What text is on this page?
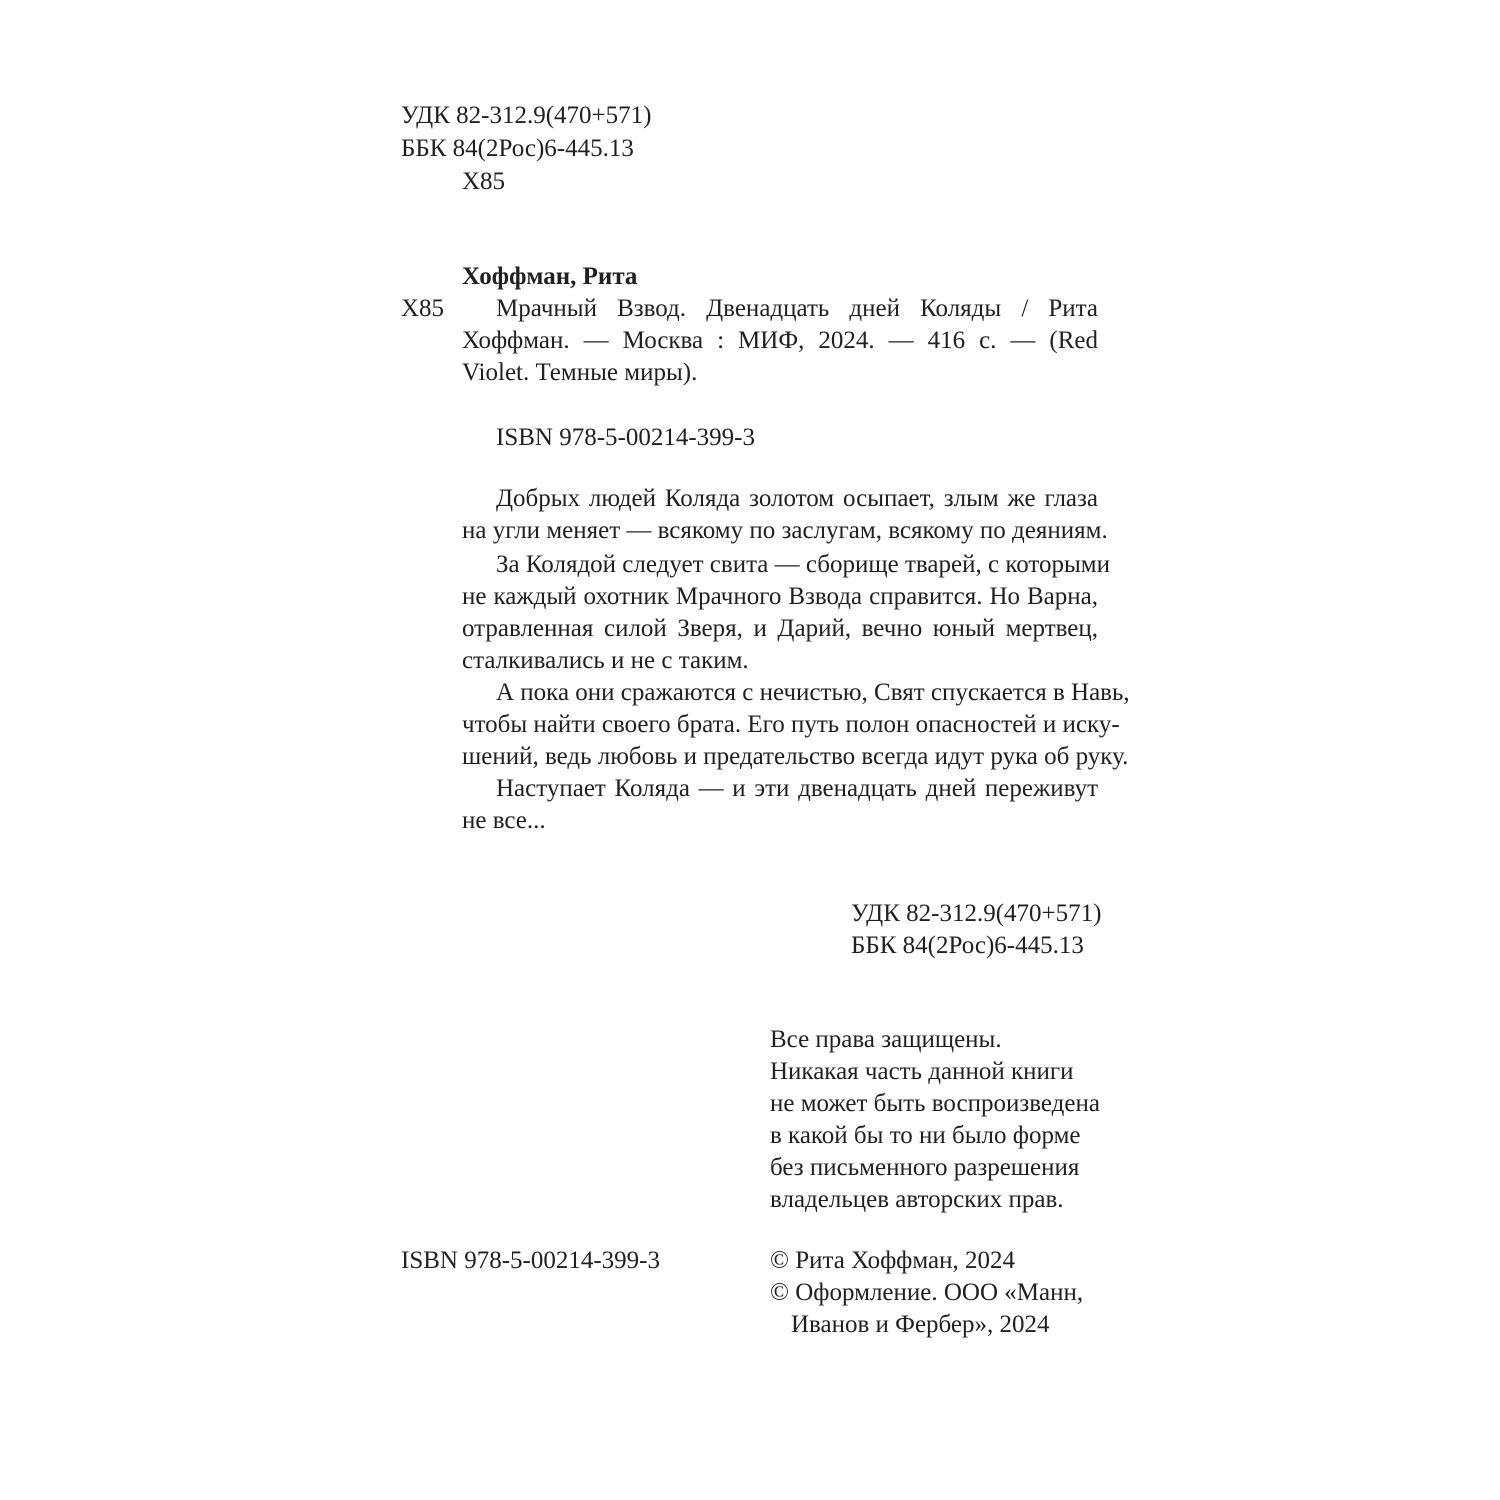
УДК 82-312.9(470+571)
ББК 84(2Рос)6-445.13
Х85
Хоффман, Рита
Х85 Мрачный Взвод. Двенадцать дней Коляды / Рита
Хоффман. — Москва : МИФ, 2024. — 416 с. — (Red
Violet. Темные миры).
ISBN 978-5-00214-399-3
Добрых людей Коляда золотом осыпает, злым же глаза
на угли меняет — всякому по заслугам, всякому по деяниям.
За Колядой следует свита — сборище тварей, с которыми
не каждый охотник Мрачного Взвода справится. Но Варна,
отравленная силой Зверя, и Дарий, вечно юный мертвец,
сталкивались и не с таким.
А пока они сражаются с нечистью, Свят спускается в Навь,
чтобы найти своего брата. Его путь полон опасностей и иску-
шений, ведь любовь и предательство всегда идут рука об руку.
Наступает Коляда — и эти двенадцать дней переживут
не все...
УДК 82-312.9(470+571)
ББК 84(2Рос)6-445.13
Все права защищены.
Никакая часть данной книги
не может быть воспроизведена
в какой бы то ни было форме
без письменного разрешения
владельцев авторских прав.
ISBN 978-5-00214-399-3	© Рита Хоффман, 2024
© Оформление. ООО «Манн,
Иванов и Фербер», 2024
